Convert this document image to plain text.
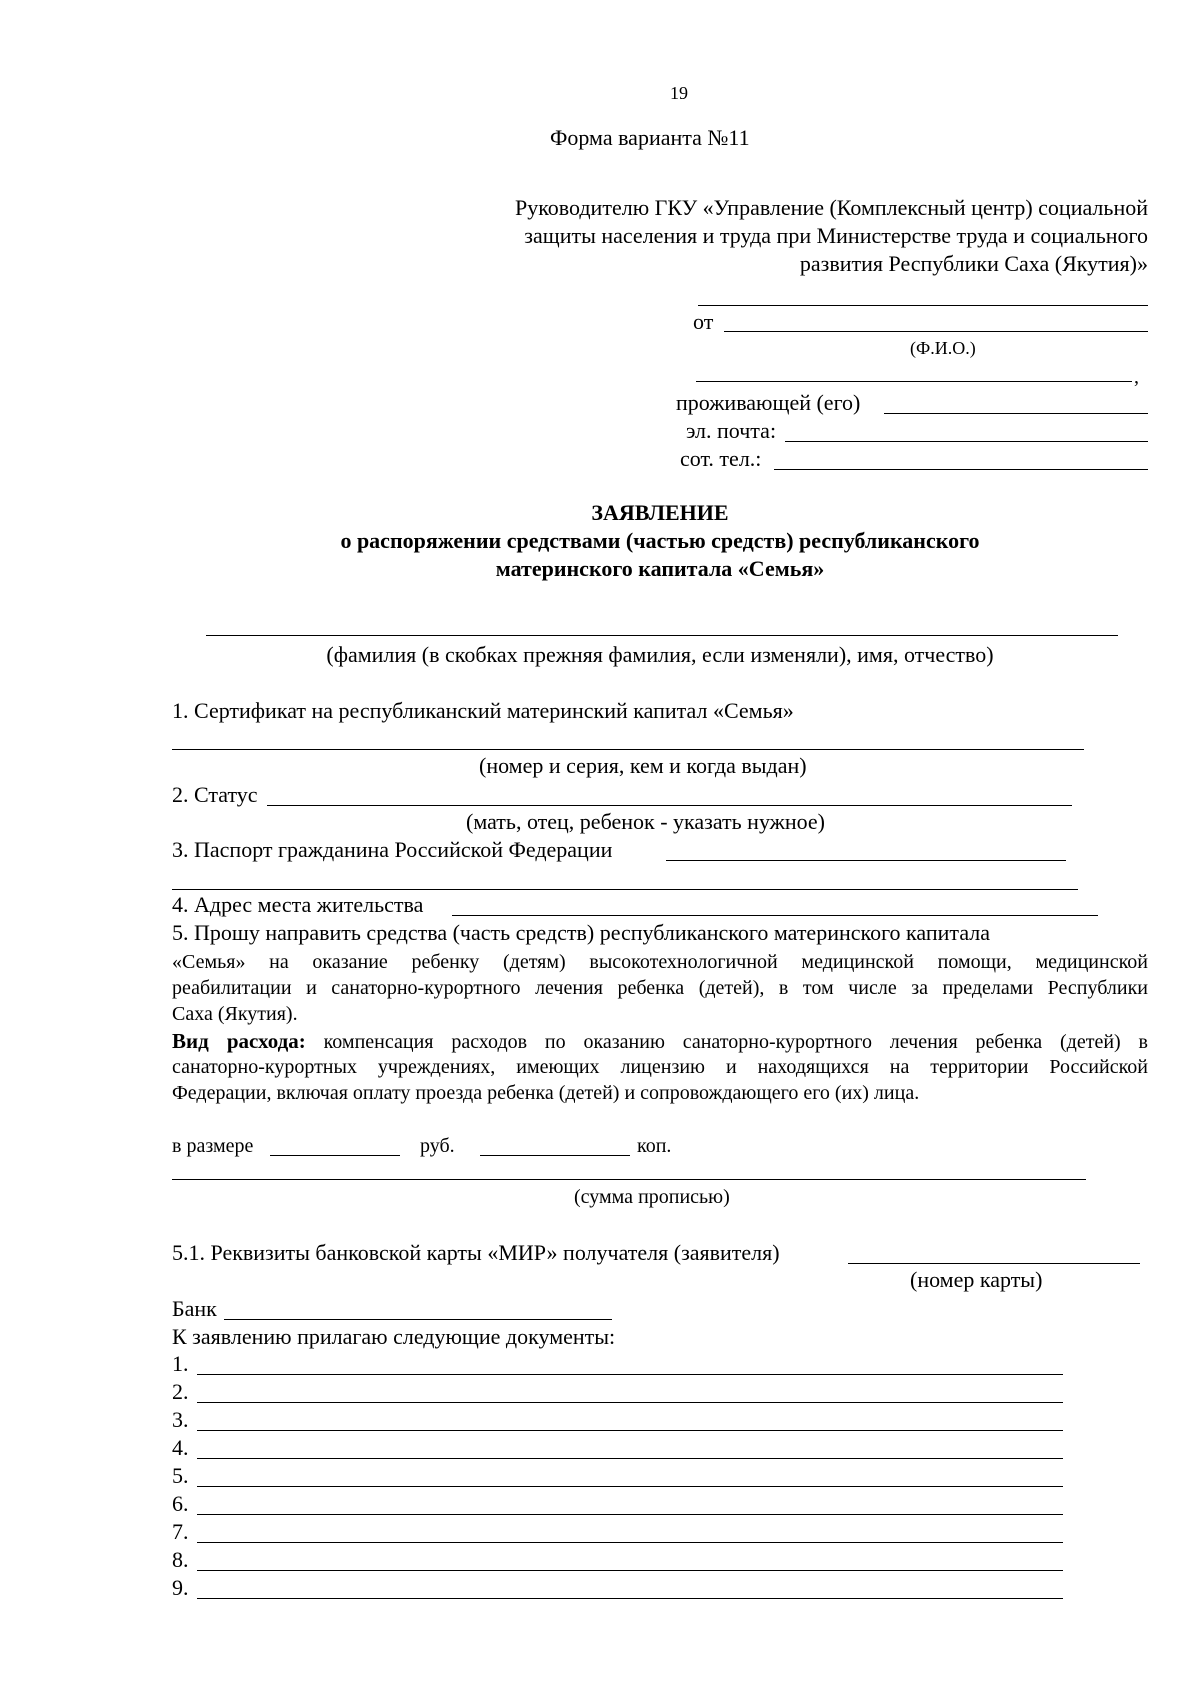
19
Форма варианта №11
Руководителю ГКУ «Управление (Комплексный центр) социальной
защиты населения и труда при Министерстве труда и социального
развития Республики Саха (Якутия)»
от
(Ф.И.О.)
,
проживающей (его)
эл. почта:
сот. тел.:
ЗАЯВЛЕНИЕ
о распоряжении средствами (частью средств) республиканского
материнского капитала «Семья»
(фамилия (в скобках прежняя фамилия, если изменяли), имя, отчество)
1. Сертификат на республиканский материнский капитал «Семья»
(номер и серия, кем и когда выдан)
2. Статус
(мать, отец, ребенок - указать нужное)
3. Паспорт гражданина Российской Федерации
4. Адрес места жительства
5. Прошу направить средства (часть средств) республиканского материнского капитала
«Семья» на оказание ребенку (детям) высокотехнологичной медицинской помощи, медицинской
реабилитации и санаторно-курортного лечения ребенка (детей), в том числе за пределами Республики
Саха (Якутия).
Вид расхода: компенсация расходов по оказанию санаторно-курортного лечения ребенка (детей) в
санаторно-курортных учреждениях, имеющих лицензию и находящихся на территории Российской
Федерации, включая оплату проезда ребенка (детей) и сопровождающего его (их) лица.
в размере	руб.	коп.
(сумма прописью)
5.1. Реквизиты банковской карты «МИР» получателя (заявителя)
(номер карты)
Банк
К заявлению прилагаю следующие документы:
1.
2.
3.
4.
5.
6.
7.
8.
9.
